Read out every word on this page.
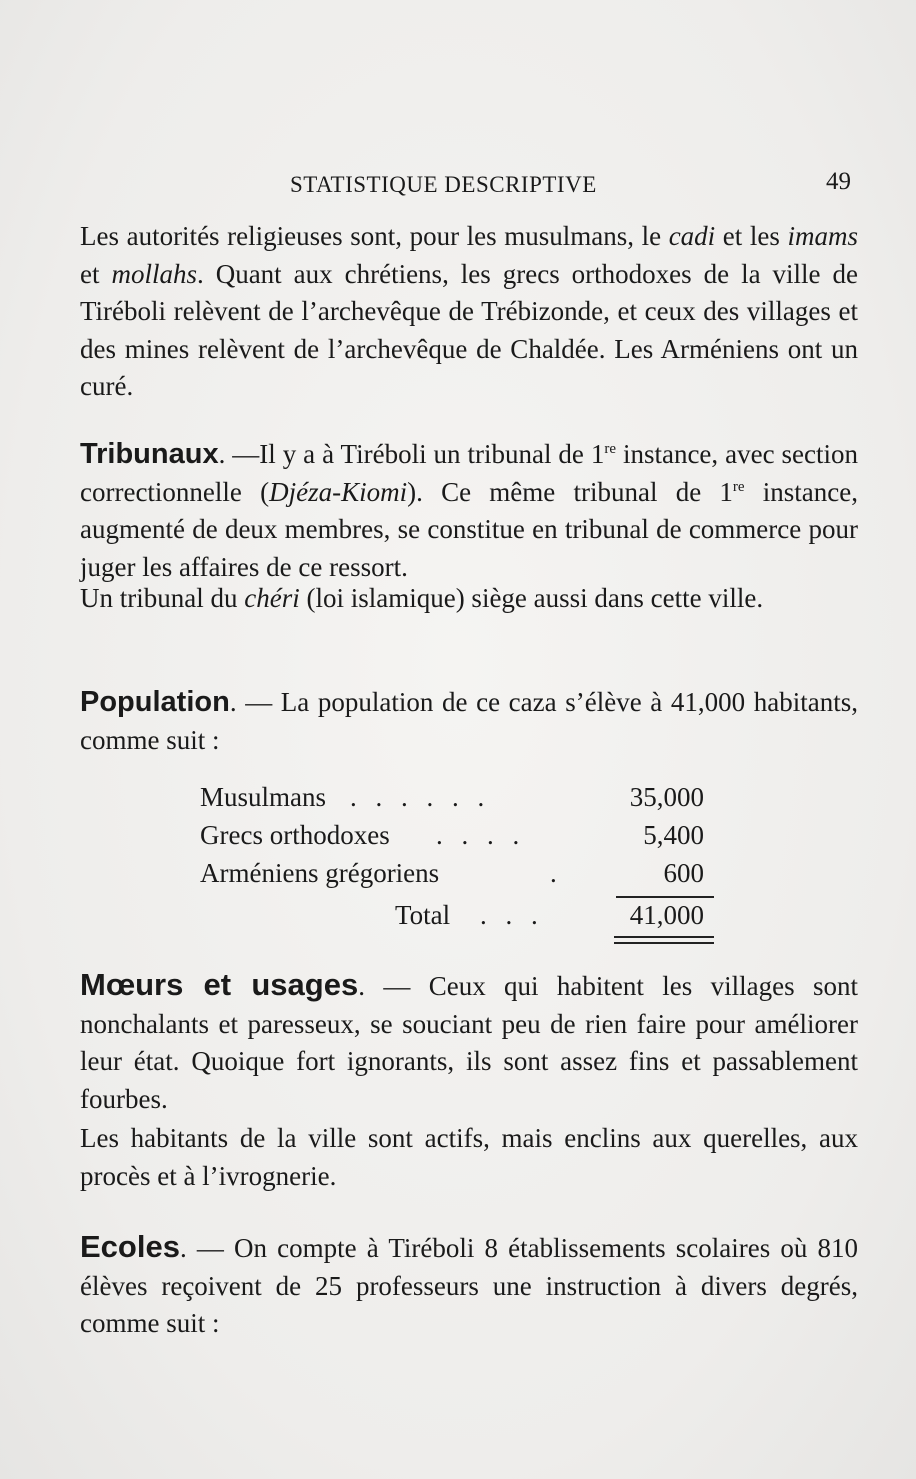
STATISTIQUE DESCRIPTIVE	49
Les autorités religieuses sont, pour les musulmans, le cadi et les imams et mollahs. Quant aux chrétiens, les grecs orthodoxes de la ville de Tiréboli relèvent de l’archevêque de Trébizonde, et ceux des villages et des mines relèvent de l’archevêque de Chaldée. Les Arméniens ont un curé.
Tribunaux. —Il y a à Tiréboli un tribunal de 1re instance, avec section correctionnelle (Djéza-Kiomi). Ce même tribunal de 1re instance, augmenté de deux membres, se constitue en tribunal de commerce pour juger les affaires de ce ressort.
Un tribunal du chéri (loi islamique) siège aussi dans cette ville.
Population. — La population de ce caza s’élève à 41,000 habitants, comme suit :
Musulmans . . . . . .	35,000
Grecs orthodoxes . . . .	5,400
Arméniens grégoriens	.	600
Total . . .	41,000
Mœurs et usages. — Ceux qui habitent les villages sont nonchalants et paresseux, se souciant peu de rien faire pour améliorer leur état. Quoique fort ignorants, ils sont assez fins et passablement fourbes.
Les habitants de la ville sont actifs, mais enclins aux querelles, aux procès et à l’ivrognerie.
Ecoles. — On compte à Tiréboli 8 établissements scolaires où 810 élèves reçoivent de 25 professeurs une instruction à divers degrés, comme suit :
